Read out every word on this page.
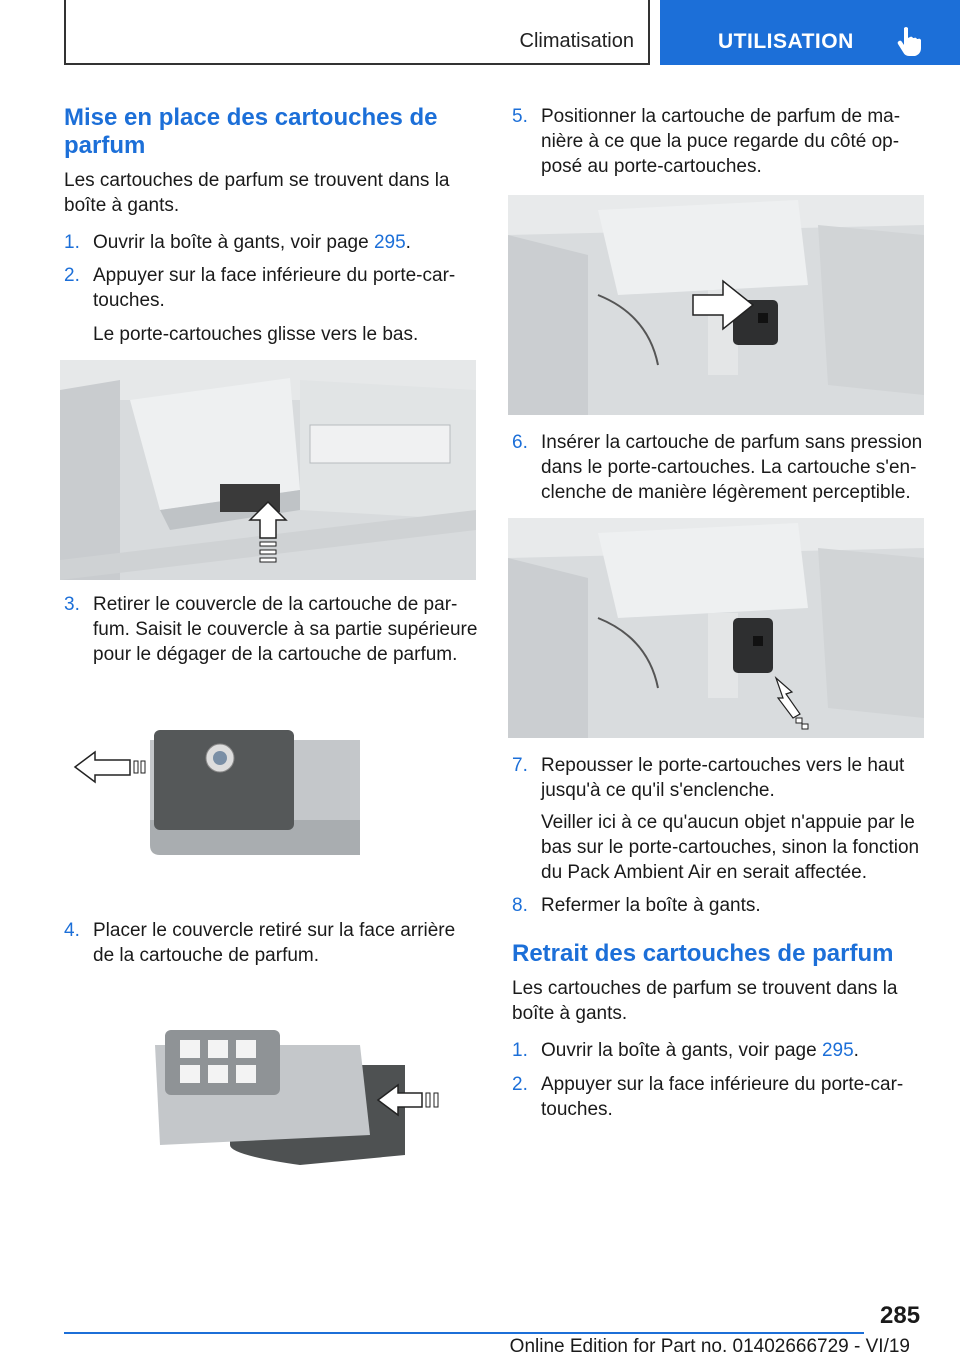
Climatisation	UTILISATION
Mise en place des cartouches de parfum
Les cartouches de parfum se trouvent dans la boîte à gants.
1. Ouvrir la boîte à gants, voir page 295.
2. Appuyer sur la face inférieure du porte-cartouches.
Le porte-cartouches glisse vers le bas.
3. Retirer le couvercle de la cartouche de parfum. Saisit le couvercle à sa partie supérieure pour le dégager de la cartouche de parfum.
4. Placer le couvercle retiré sur la face arrière de la cartouche de parfum.
5. Positionner la cartouche de parfum de manière à ce que la puce regarde du côté opposé au porte-cartouches.
6. Insérer la cartouche de parfum sans pression dans le porte-cartouches. La cartouche s'enclenche de manière légèrement perceptible.
7. Repousser le porte-cartouches vers le haut jusqu'à ce qu'il s'enclenche.
Veiller ici à ce qu'aucun objet n'appuie par le bas sur le porte-cartouches, sinon la fonction du Pack Ambient Air en serait affectée.
8. Refermer la boîte à gants.
Retrait des cartouches de parfum
Les cartouches de parfum se trouvent dans la boîte à gants.
1. Ouvrir la boîte à gants, voir page 295.
2. Appuyer sur la face inférieure du porte-cartouches.
285
Online Edition for Part no. 01402666729 - VI/19
